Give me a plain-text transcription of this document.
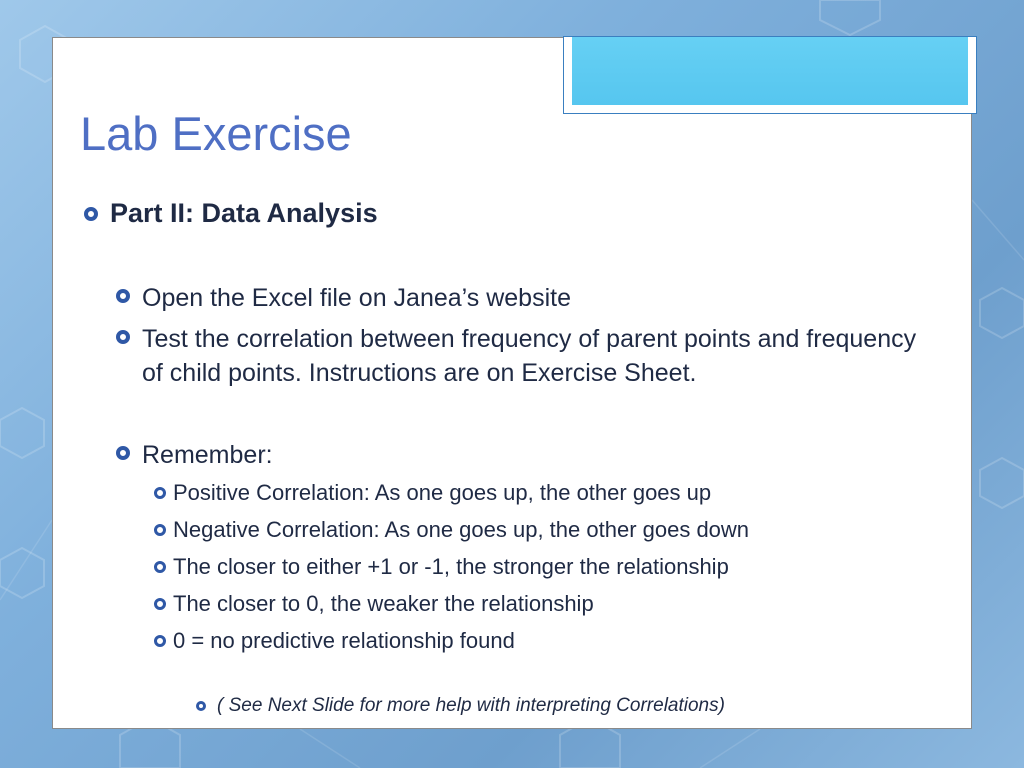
Lab Exercise
Part II: Data Analysis
Open the Excel file on Janea’s website
Test the correlation between frequency of parent points and frequency of child points. Instructions are on Exercise Sheet.
Remember:
Positive Correlation: As one goes up, the other goes up
Negative Correlation: As one goes up, the other goes down
The closer to either +1 or -1, the stronger the relationship
The closer to 0, the weaker the relationship
0 = no predictive relationship found
( See Next Slide for more help with interpreting Correlations)
